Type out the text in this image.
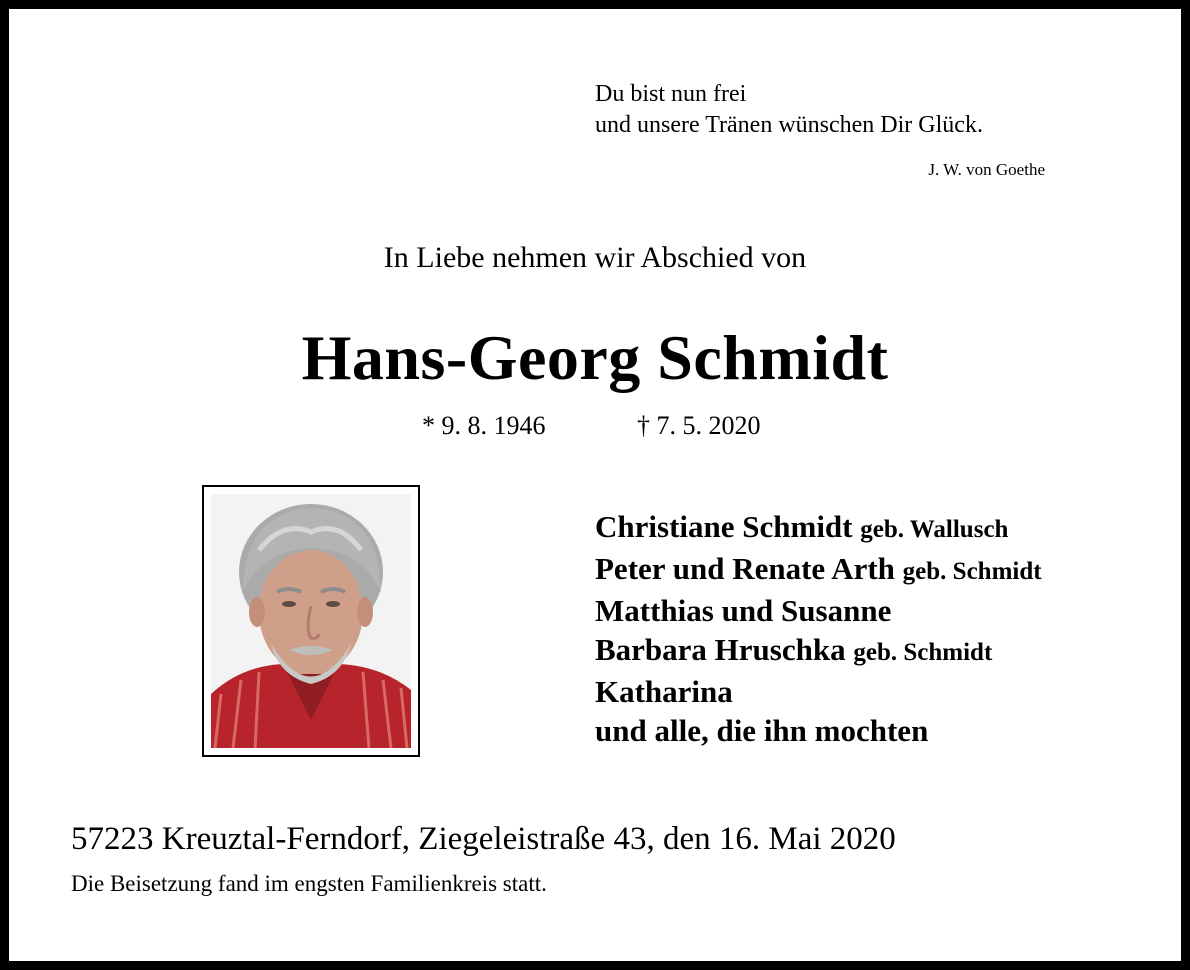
Du bist nun frei
und unsere Tränen wünschen Dir Glück.
J. W. von Goethe
In Liebe nehmen wir Abschied von
Hans-Georg Schmidt
* 9. 8. 1946	† 7. 5. 2020
Christiane Schmidt geb. Wallusch
Peter und Renate Arth geb. Schmidt
Matthias und Susanne
Barbara Hruschka geb. Schmidt
Katharina
und alle, die ihn mochten
57223 Kreuztal-Ferndorf, Ziegeleistraße 43, den 16. Mai 2020
Die Beisetzung fand im engsten Familienkreis statt.
